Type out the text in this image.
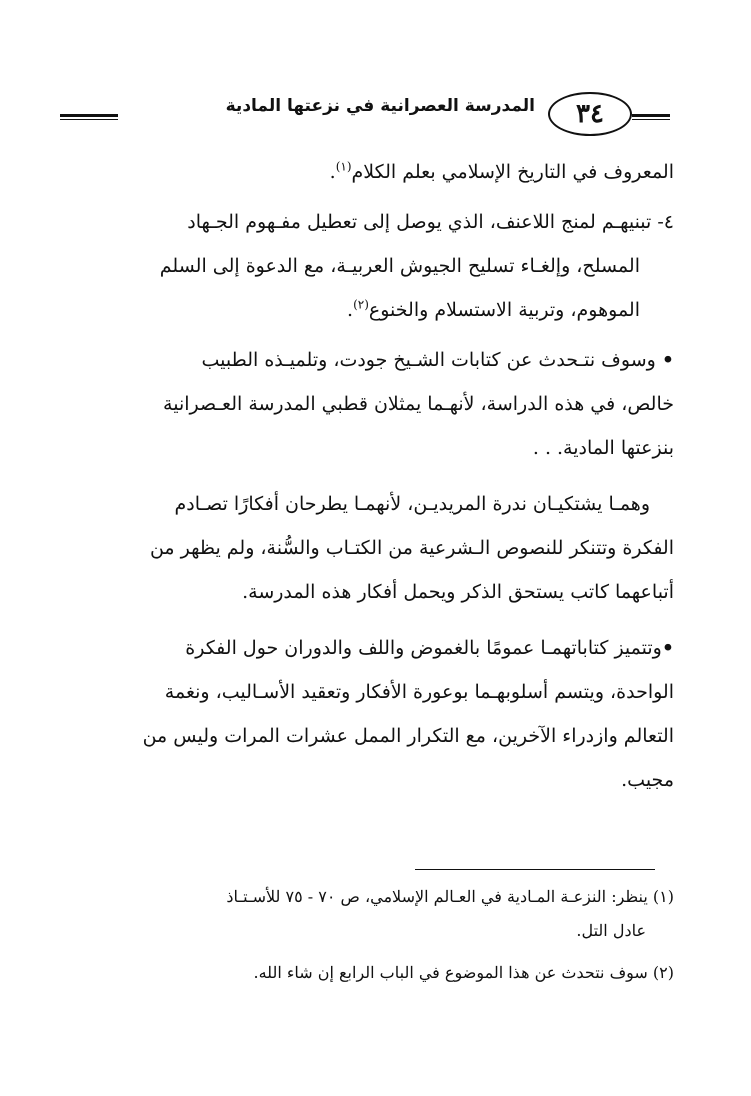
المدرسة العصرانية في نزعتها المادية	٣٤

المعروف في التاريخ الإسلامي بعلم الكلام$^{(١)}$.

٤- تبنيهـم لمنج اللاعنف، الذي يوصل إلى تعطيل مفـهوم الجـهاد

المسلح، وإلغـاء تسليح الجيوش العربيـة، مع الدعوة إلى السلم

الموهوم، وتربية الاستسلام والخنوع$^{(٢)}$.

• وسوف نتـحدث عن كتابات الشـيخ جودت، وتلميـذه الطبيب

خالص، في هذه الدراسة، لأنهـما يمثلان قطبي المدرسة العـصرانية

بنزعتها المادية. . .

وهمـا يشتكيـان ندرة المريديـن، لأنهمـا يطرحان أفكارًا تصـادم

الفكرة وتتنكر للنصوص الـشرعية من الكتـاب والسُّنة، ولم يظهر من

أتباعهما كاتب يستحق الذكر ويحمل أفكار هذه المدرسة.

•وتتميز كتاباتهمـا عمومًا بالغموض واللف والدوران حول الفكرة

الواحدة، ويتسم أسلوبهـما بوعورة الأفكار وتعقيد الأسـاليب، ونغمة

التعالم وازدراء الآخرين، مع التكرار الممل عشرات المرات وليس من

مجيب.

(١) ينظر: النزعـة المـادية في العـالم الإسلامي، ص ٧٠ - ٧٥ للأسـتـاذ

عادل التل.

(٢) سوف نتحدث عن هذا الموضوع في الباب الرابع إن شاء الله.
